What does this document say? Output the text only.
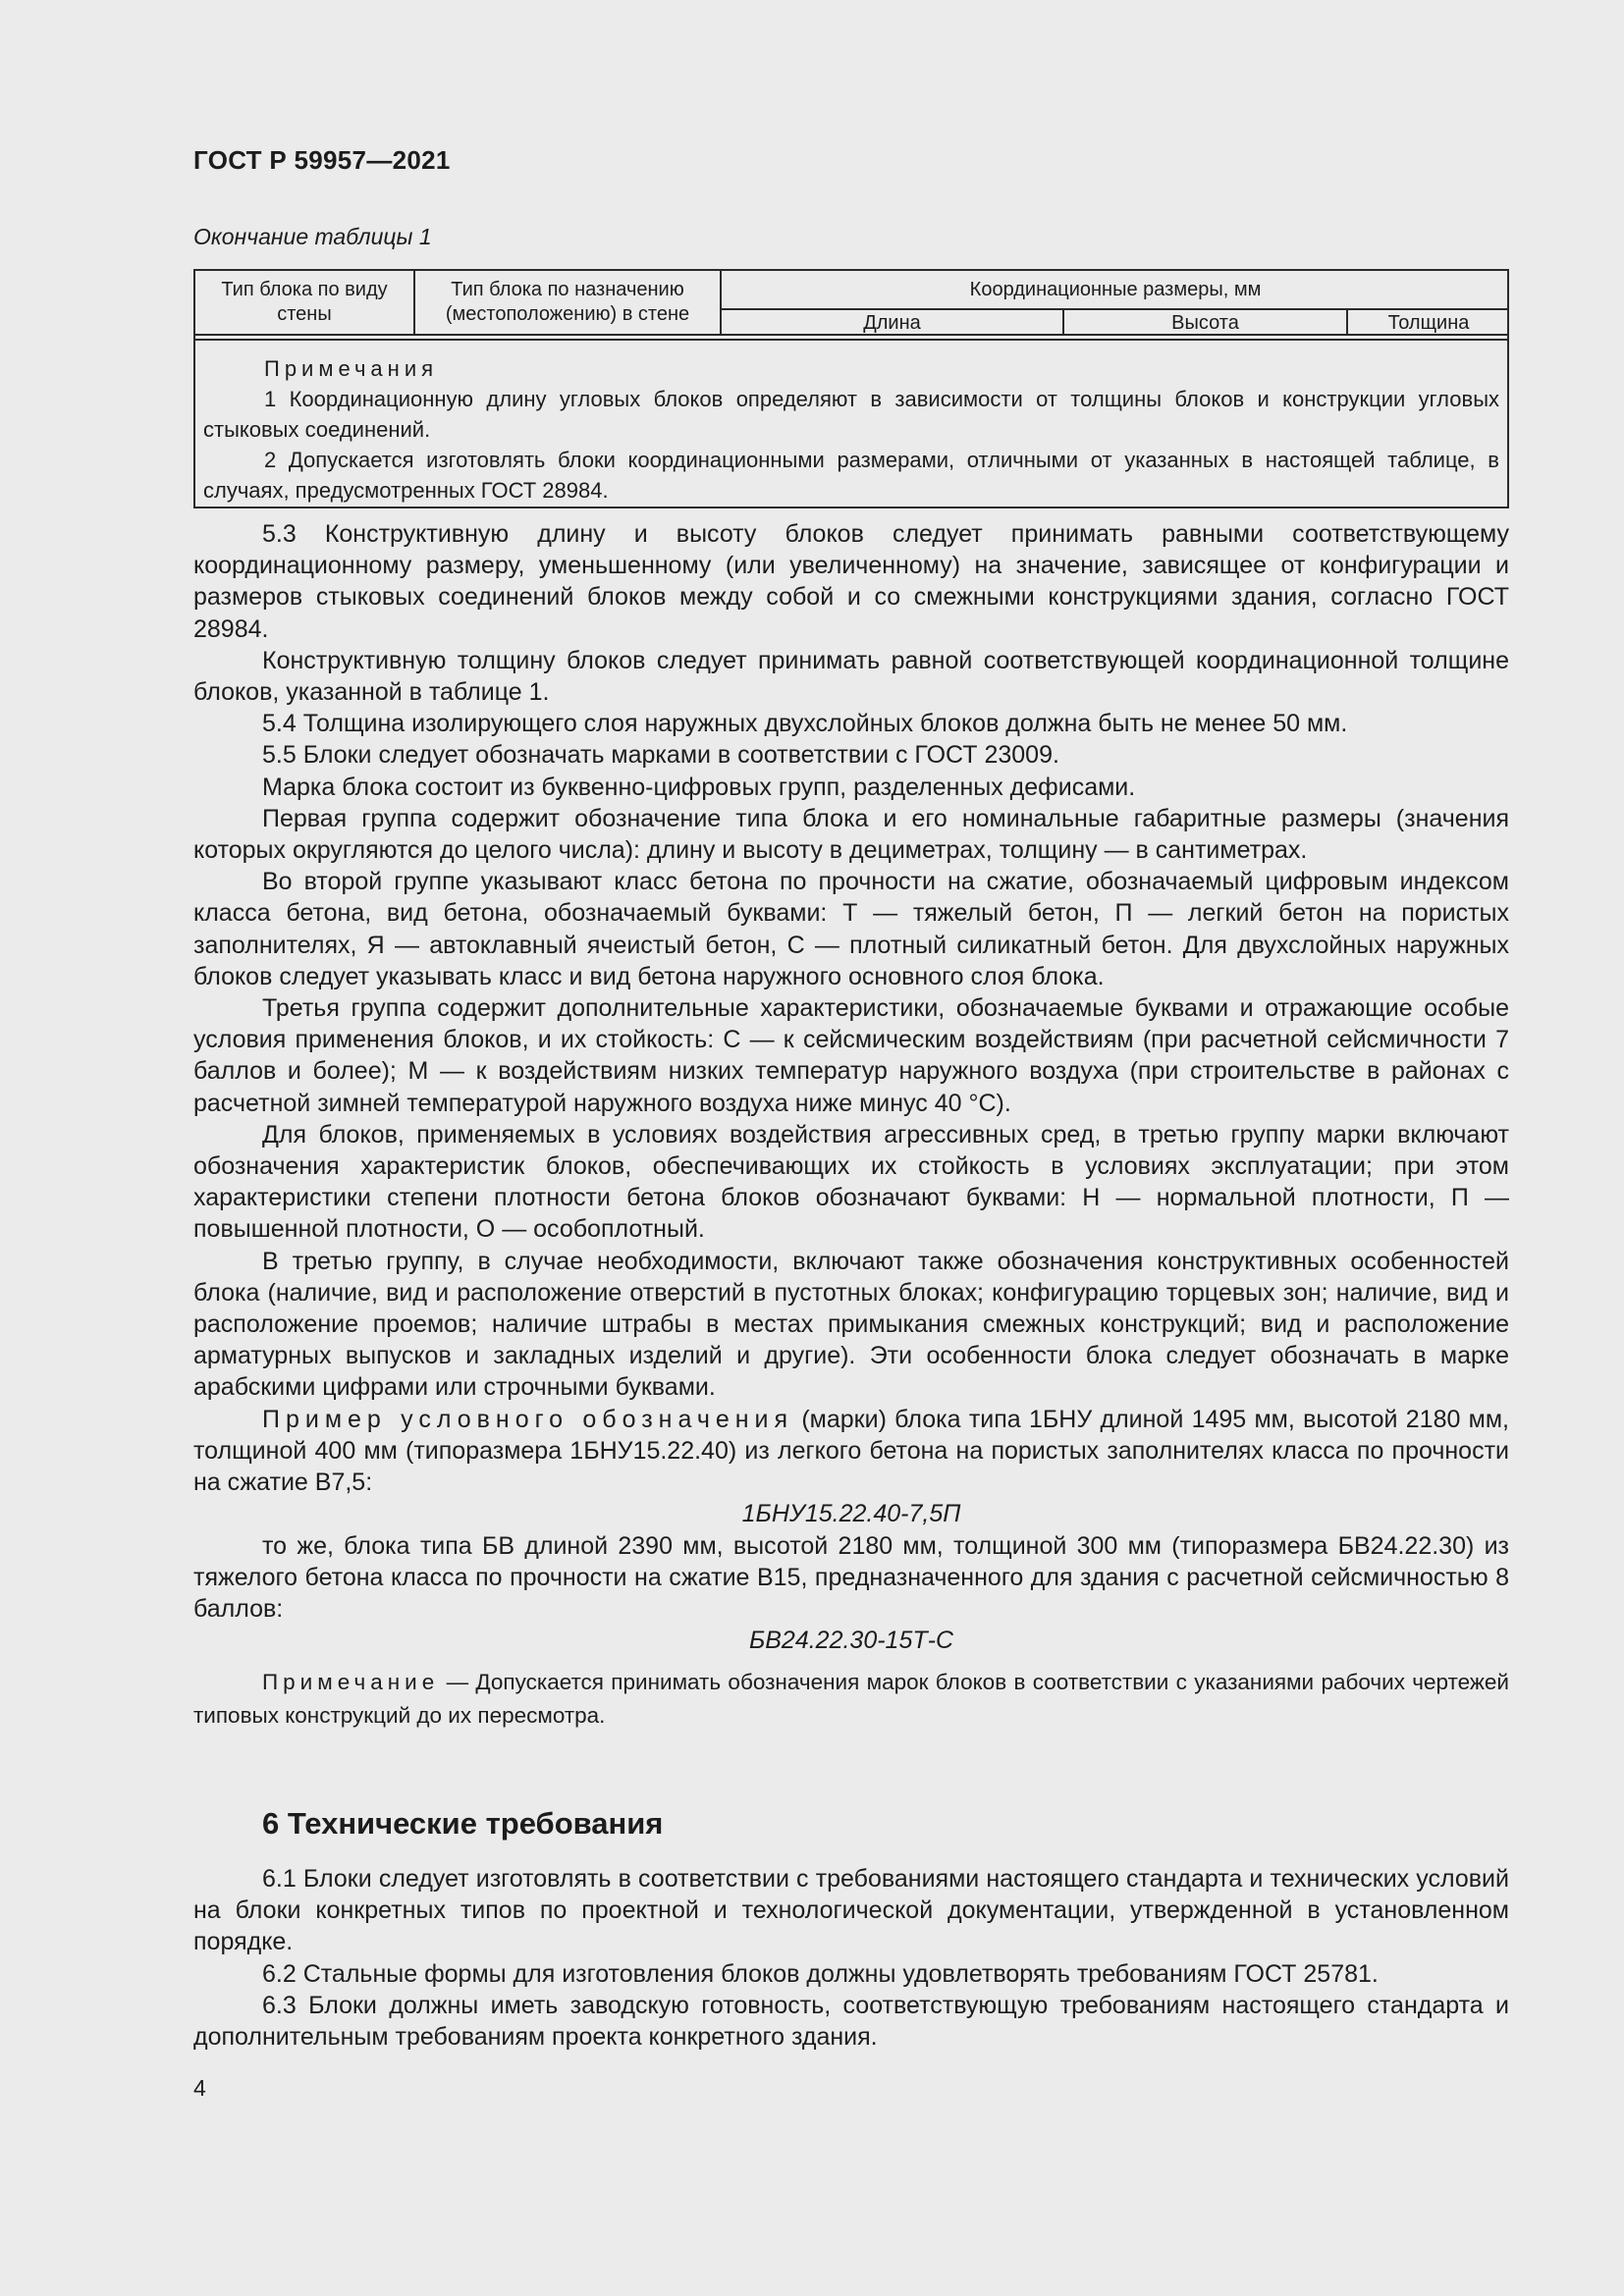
ГОСТ Р 59957—2021
Окончание таблицы 1
Тип блока по виду стены
Тип блока по назначению (местоположению) в стене
Координационные размеры, мм
Длина	Высота	Толщина

Примечания

1 Координационную длину угловых блоков определяют в зависимости от толщины блоков и конструкции угловых стыковых соединений.

2 Допускается изготовлять блоки координационными размерами, отличными от указанных в настоящей таблице, в случаях, предусмотренных ГОСТ 28984.

5.3 Конструктивную длину и высоту блоков следует принимать равными соответствующему координационному размеру, уменьшенному (или увеличенному) на значение, зависящее от конфигурации и размеров стыковых соединений блоков между собой и со смежными конструкциями здания, согласно ГОСТ 28984.

Конструктивную толщину блоков следует принимать равной соответствующей координационной толщине блоков, указанной в таблице 1.

5.4 Толщина изолирующего слоя наружных двухслойных блоков должна быть не менее 50 мм.

5.5 Блоки следует обозначать марками в соответствии с ГОСТ 23009.

Марка блока состоит из буквенно-цифровых групп, разделенных дефисами.

Первая группа содержит обозначение типа блока и его номинальные габаритные размеры (значения которых округляются до целого числа): длину и высоту в дециметрах, толщину — в сантиметрах.

Во второй группе указывают класс бетона по прочности на сжатие, обозначаемый цифровым индексом класса бетона, вид бетона, обозначаемый буквами: Т — тяжелый бетон, П — легкий бетон на пористых заполнителях, Я — автоклавный ячеистый бетон, С — плотный силикатный бетон. Для двухслойных наружных блоков следует указывать класс и вид бетона наружного основного слоя блока.

Третья группа содержит дополнительные характеристики, обозначаемые буквами и отражающие особые условия применения блоков, и их стойкость: С — к сейсмическим воздействиям (при расчетной сейсмичности 7 баллов и более); М — к воздействиям низких температур наружного воздуха (при строительстве в районах с расчетной зимней температурой наружного воздуха ниже минус 40 °С).

Для блоков, применяемых в условиях воздействия агрессивных сред, в третью группу марки включают обозначения характеристик блоков, обеспечивающих их стойкость в условиях эксплуатации; при этом характеристики степени плотности бетона блоков обозначают буквами: Н — нормальной плотности, П — повышенной плотности, О — особоплотный.

В третью группу, в случае необходимости, включают также обозначения конструктивных особенностей блока (наличие, вид и расположение отверстий в пустотных блоках; конфигурацию торцевых зон; наличие, вид и расположение проемов; наличие штрабы в местах примыкания смежных конструкций; вид и расположение арматурных выпусков и закладных изделий и другие). Эти особенности блока следует обозначать в марке арабскими цифрами или строчными буквами.

Пример условного обозначения (марки) блока типа 1БНУ длиной 1495 мм, высотой 2180 мм, толщиной 400 мм (типоразмера 1БНУ15.22.40) из легкого бетона на пористых заполнителях класса по прочности на сжатие В7,5:

1БНУ15.22.40-7,5П

то же, блока типа БВ длиной 2390 мм, высотой 2180 мм, толщиной 300 мм (типоразмера БВ24.22.30) из тяжелого бетона класса по прочности на сжатие В15, предназначенного для здания с расчетной сейсмичностью 8 баллов:

БВ24.22.30-15Т-С

Примечание — Допускается принимать обозначения марок блоков в соответствии с указаниями рабочих чертежей типовых конструкций до их пересмотра.

6 Технические требования

6.1 Блоки следует изготовлять в соответствии с требованиями настоящего стандарта и технических условий на блоки конкретных типов по проектной и технологической документации, утвержденной в установленном порядке.

6.2 Стальные формы для изготовления блоков должны удовлетворять требованиям ГОСТ 25781.

6.3 Блоки должны иметь заводскую готовность, соответствующую требованиям настоящего стандарта и дополнительным требованиям проекта конкретного здания.

4
